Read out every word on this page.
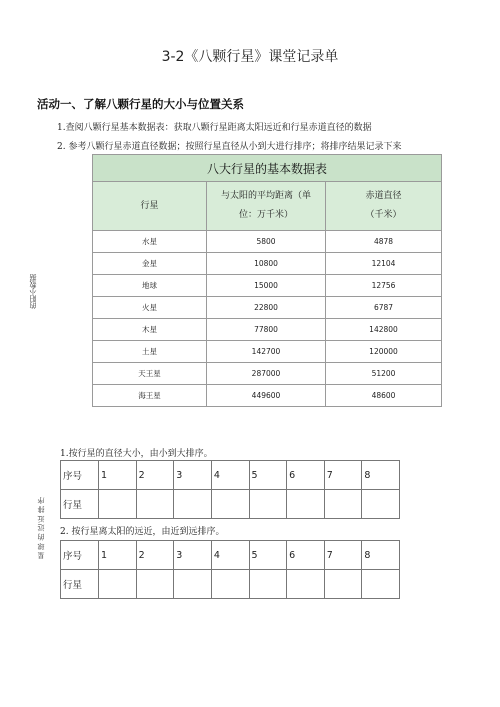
3-2《八颗行星》课堂记录单
活动一、了解八颗行星的大小与位置关系
1.查阅八颗行星基本数据表：获取八颗行星距离太阳远近和行星赤道直径的数据
2. 参考八颗行星赤道直径数据；按照行星直径从小到大进行排序；将排序结果记录下来
的阳小数据
星 球 的 远 近 排 序
八大行星的基本数据表		
行星	与太阳的平均距离（单
位：万千米）	赤道直径
（千米）
水星	5800	4878
金星	10800	12104
地球	15000	12756
火星	22800	6787
木星	77800	142800
土星	142700	120000
天王星	287000	51200
海王星	449600	48600
1.按行星的直径大小，由小到大排序。
序号	1	2	3	4	5	6	7	8
行星								
2. 按行星离太阳的远近，由近到远排序。
序号	1	2	3	4	5	6	7	8
行星								
